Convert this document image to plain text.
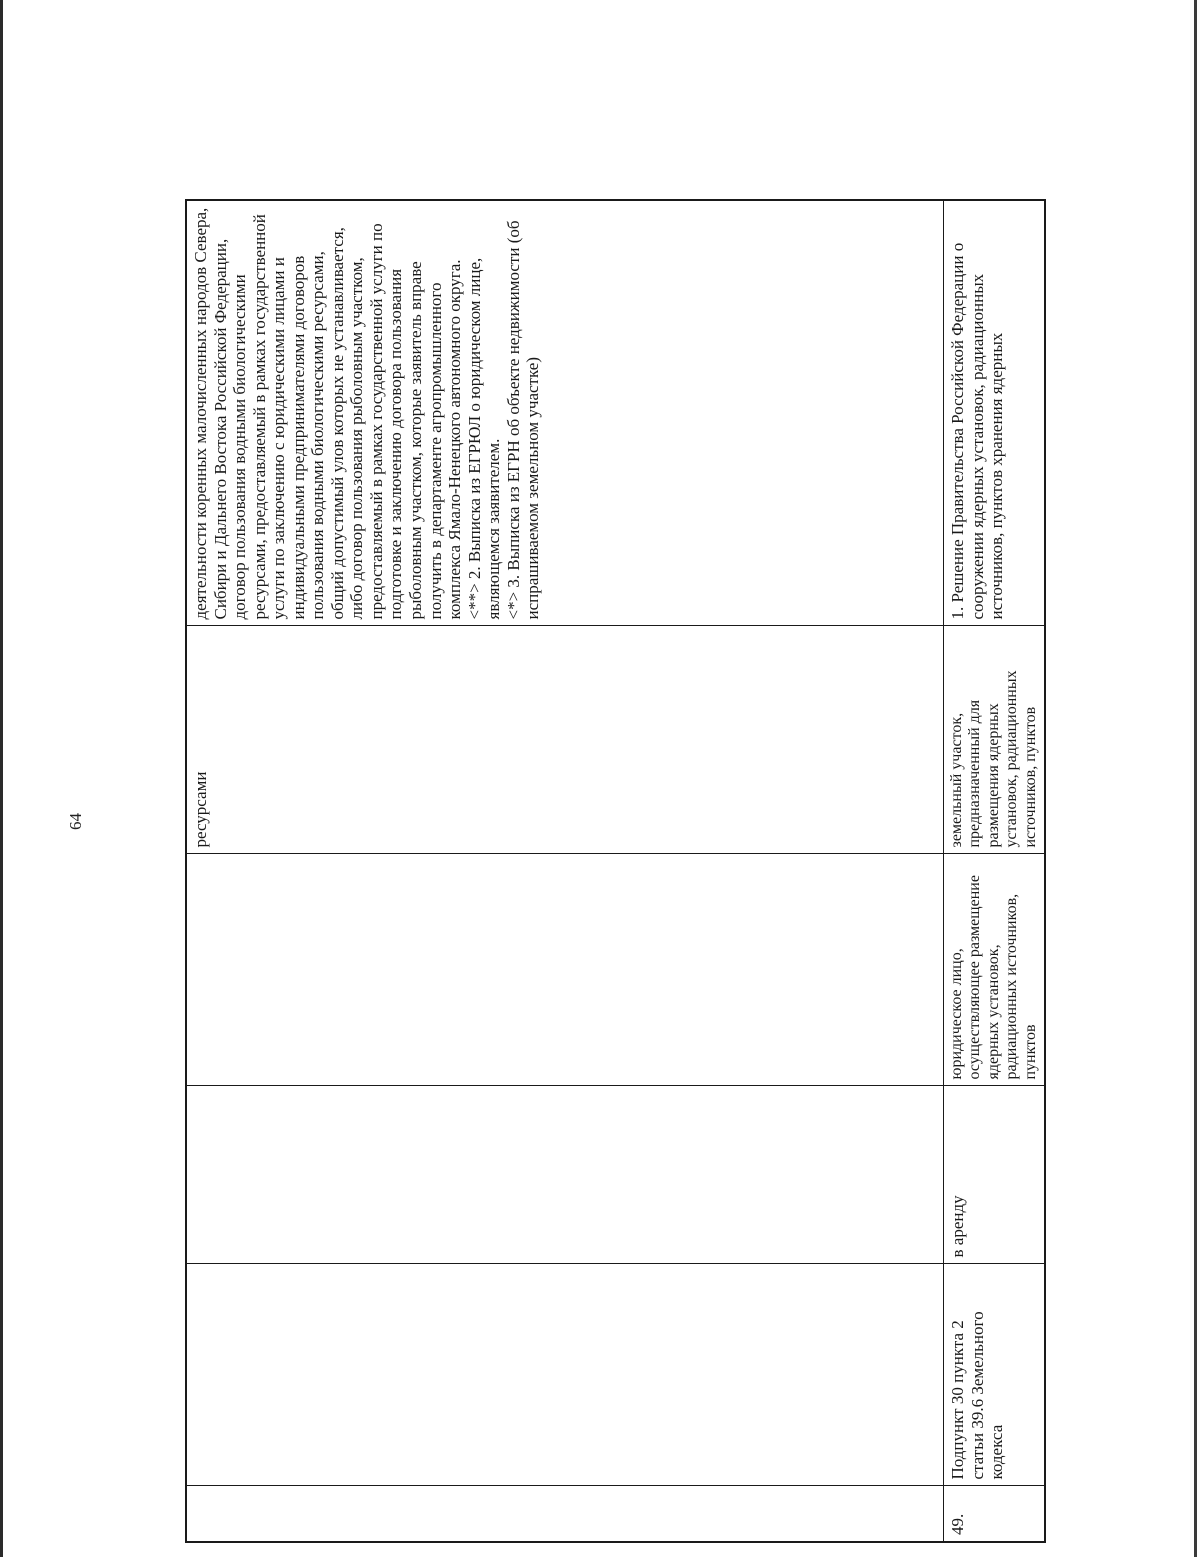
64
					ресурсами	деятельности коренных малочисленных народов Севера, Сибири и Дальнего Востока Российской Федерации, договор пользования водными биологическими ресурсами, предоставляемый в рамках государственной услуги по заключению с юридическими лицами и индивидуальными предпринимателями договоров пользования водными биологическими ресурсами, общий допустимый улов которых не устанавливается, либо договор пользования рыболовным участком, предоставляемый в рамках государственной услуги по подготовке и заключению договора пользования рыболовным участком, которые заявитель вправе получить в департаменте агропромышленного комплекса Ямало-Ненецкого автономного округа.
<**> 2. Выписка из ЕГРЮЛ о юридическом лице, являющемся заявителем.
<*> 3. Выписка из ЕГРН об объекте недвижимости (об испрашиваемом земельном участке)
49.	Подпункт 30 пункта 2 статьи 39.6 Земельного кодекса	в аренду	юридическое лицо, осуществляющее размещение ядерных установок, радиационных источников, пунктов	земельный участок, предназначенный для размещения ядерных установок, радиационных источников, пунктов	1. Решение Правительства Российской Федерации о сооружении ядерных установок, радиационных источников, пунктов хранения ядерных
